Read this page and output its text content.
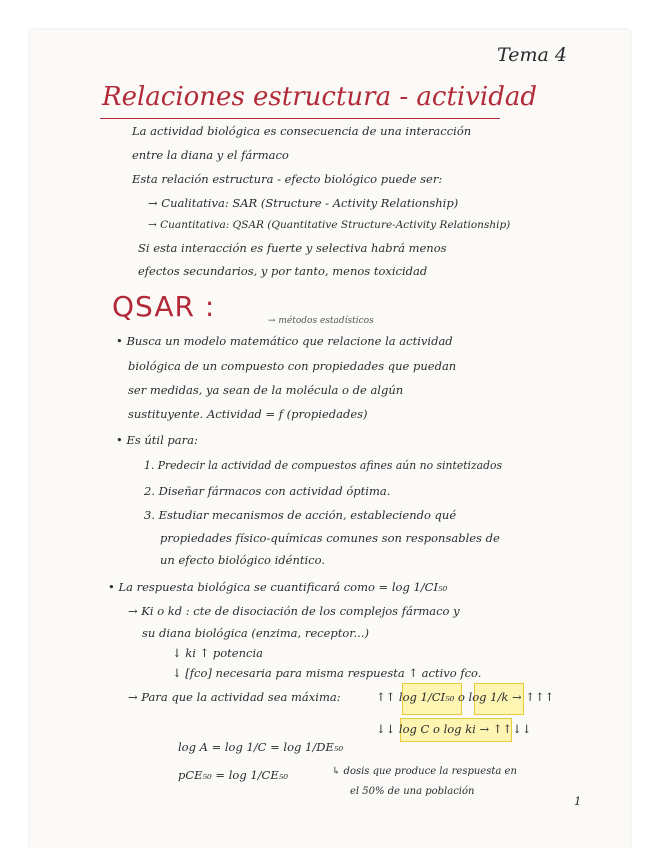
Tema 4
Relaciones estructura - actividad
La actividad biológica es consecuencia de una interacción
entre la diana y el fármaco
Esta relación estructura - efecto biológico puede ser:
→ Cualitativa: SAR (Structure - Activity Relationship)
→ Cuantitativa: QSAR (Quantitative Structure-Activity Relationship)
Si esta interacción es fuerte y selectiva habrá menos
efectos secundarios, y por tanto, menos toxicidad
QSAR :	→ métodos estadísticos
• Busca un modelo matemático que relacione la actividad
biológica de un compuesto con propiedades que puedan
ser medidas, ya sean de la molécula o de algún
sustituyente. Actividad = f (propiedades)
• Es útil para:
1. Predecir la actividad de compuestos afines aún no sintetizados
2. Diseñar fármacos con actividad óptima.
3. Estudiar mecanismos de acción, estableciendo qué
propiedades físico-químicas comunes son responsables de
un efecto biológico idéntico.
• La respuesta biológica se cuantificará como = log 1/CI₅₀
→ Ki o kd : cte de disociación de los complejos fármaco y
su diana biológica (enzima, receptor...)
↓ ki ↑ potencia
↓ [fco] necesaria para misma respuesta ↑ activo fco.
→ Para que la actividad sea máxima:	↑↑ log 1/CI₅₀ o log 1/k → ↑↑↑
↓↓ log C o log ki → ↑↑↓↓
log A = log 1/C = log 1/DE₅₀
pCE₅₀ = log 1/CE₅₀	↳ dosis que produce la respuesta en
el 50% de una población
1
